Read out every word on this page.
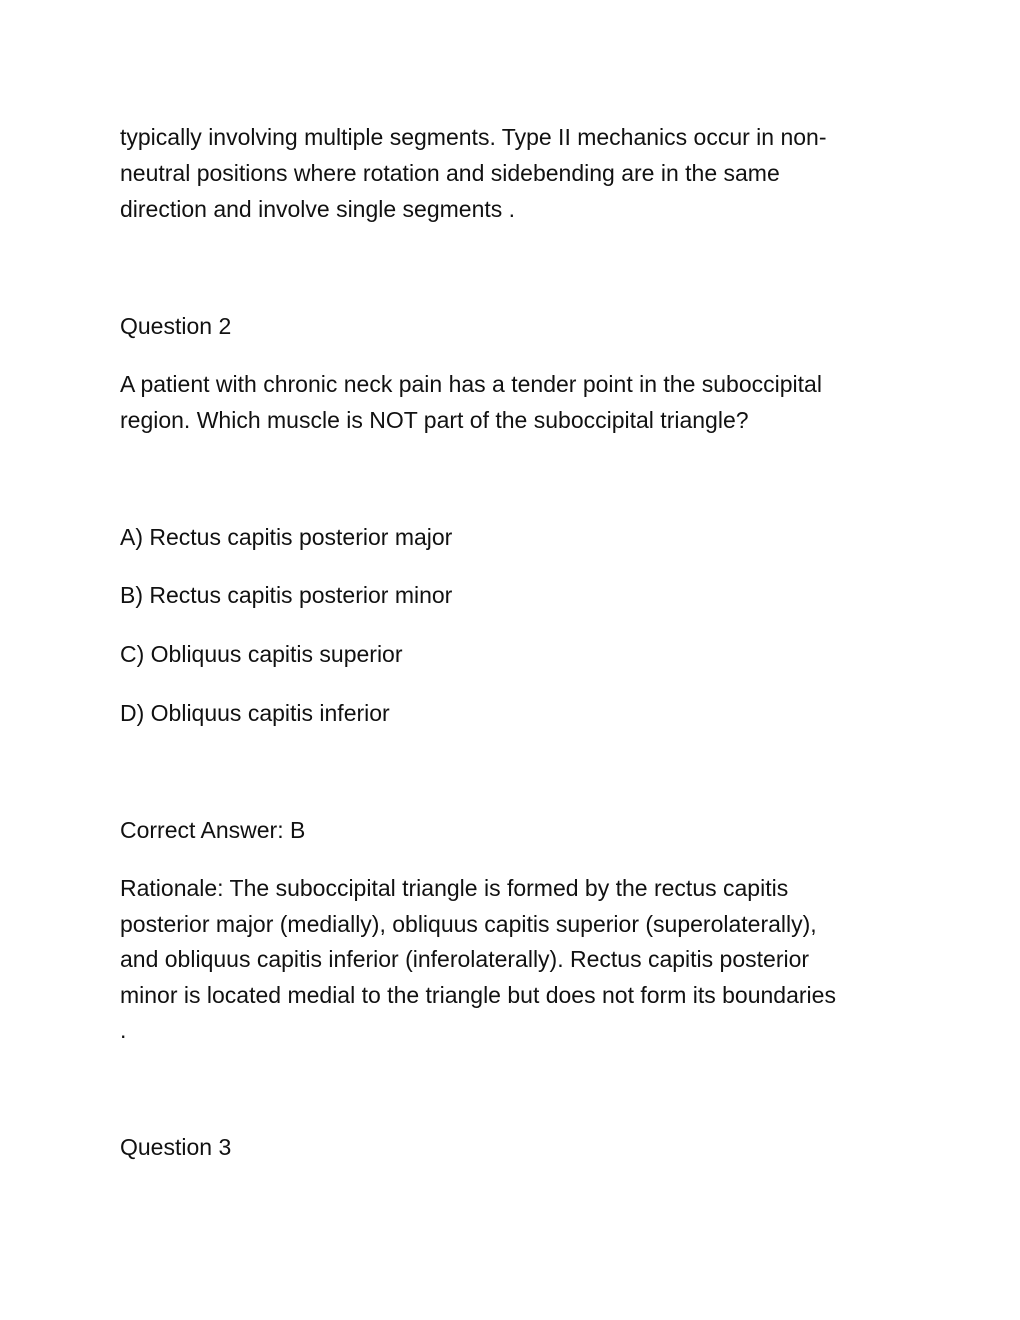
typically involving multiple segments. Type II mechanics occur in non-

neutral positions where rotation and sidebending are in the same

direction and involve single segments .

Question 2

A patient with chronic neck pain has a tender point in the suboccipital

region. Which muscle is NOT part of the suboccipital triangle?

A) Rectus capitis posterior major

B) Rectus capitis posterior minor

C) Obliquus capitis superior

D) Obliquus capitis inferior

Correct Answer: B

Rationale: The suboccipital triangle is formed by the rectus capitis

posterior major (medially), obliquus capitis superior (superolaterally),

and obliquus capitis inferior (inferolaterally). Rectus capitis posterior

minor is located medial to the triangle but does not form its boundaries

.

Question 3
